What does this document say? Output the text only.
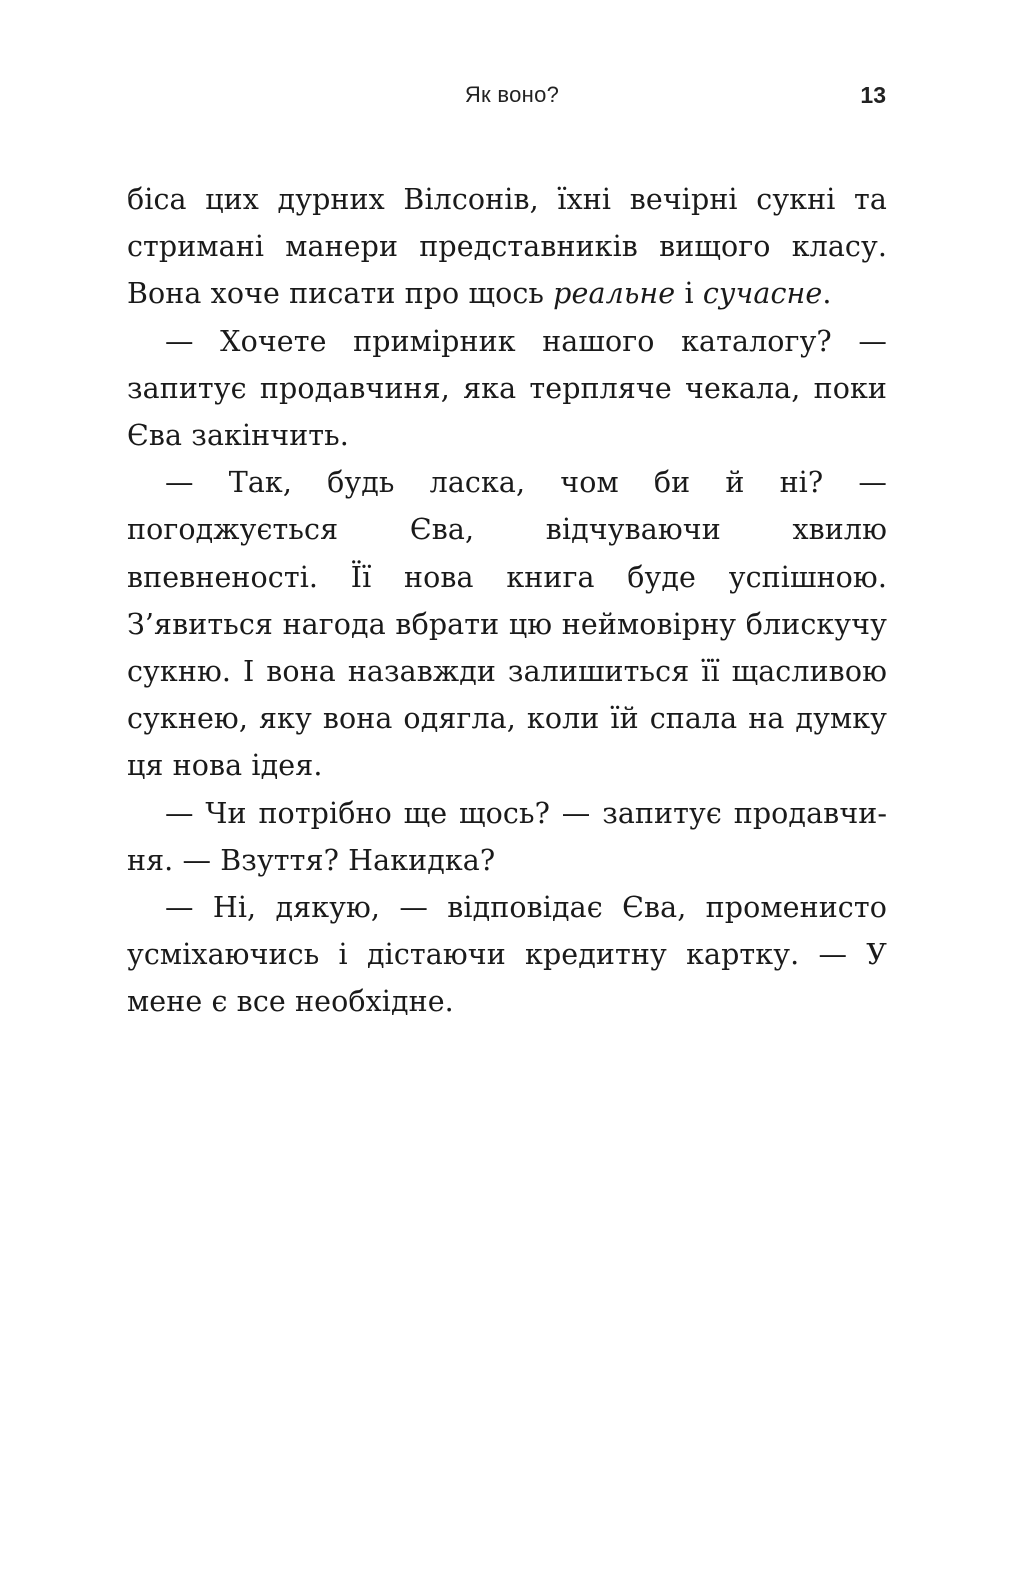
Як воно?	13

біса цих дурних Вілсонів, їхні вечірні сукні та стримані манери представників вищого класу. Вона хоче писати про щось реальне і сучасне.

— Хочете примірник нашого каталогу? — запитує продавчиня, яка терпляче чекала, поки Єва закінчить.

— Так, будь ласка, чом би й ні? — погоджується Єва, відчуваючи хвилю впевненості. Її нова книга буде успішною. З’явиться нагода вбрати цю неймовірну блискучу сукню. І вона назавжди залишиться її щасливою сукнею, яку вона одягла, коли їй спала на думку ця нова ідея.

— Чи потрібно ще щось? — запитує продавчиня. — Взуття? Накидка?

— Ні, дякую, — відповідає Єва, променисто усміхаючись і дістаючи кредитну картку. — У мене є все необхідне.
